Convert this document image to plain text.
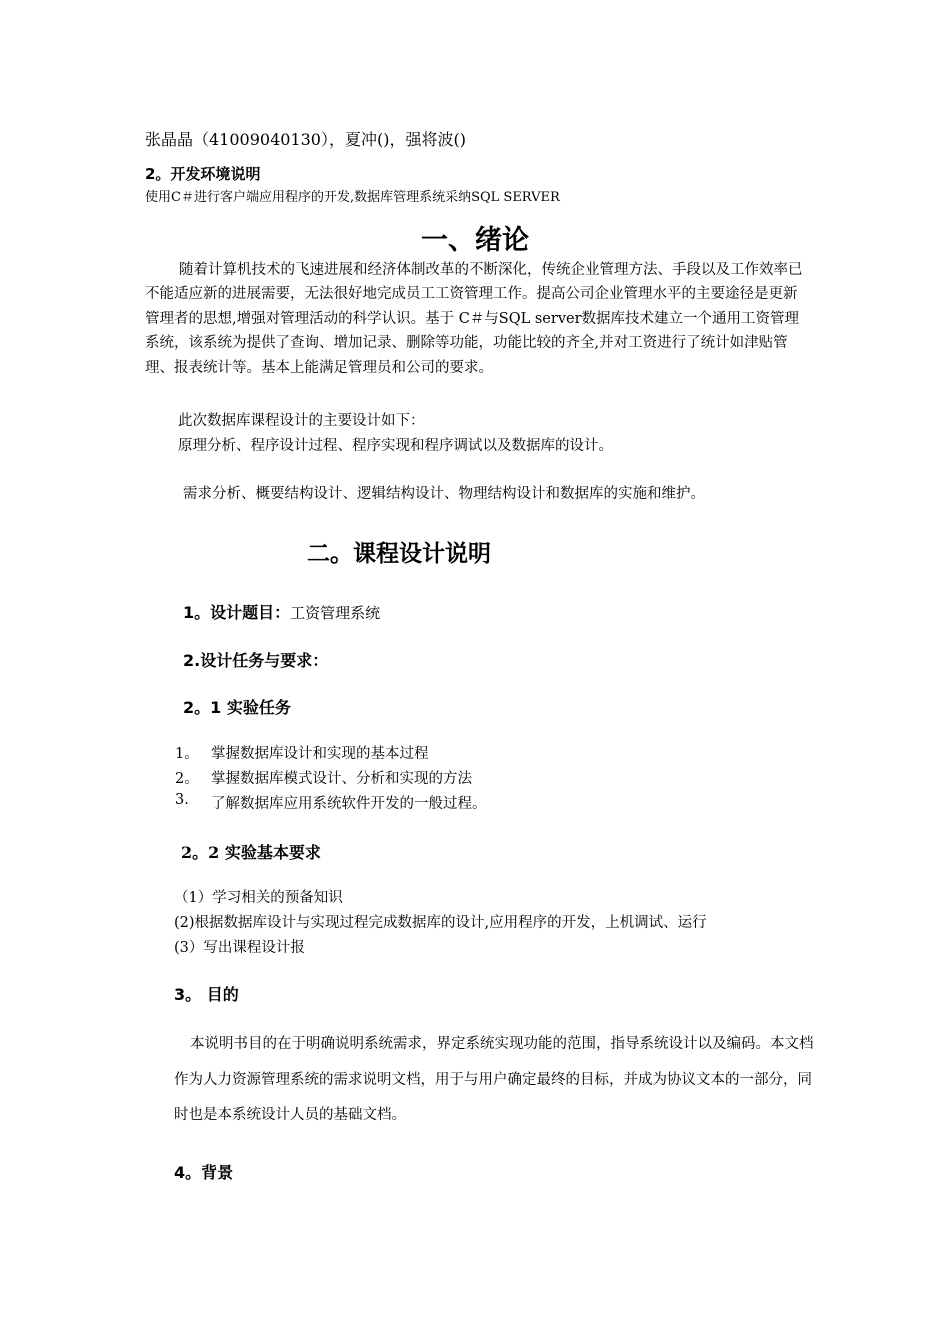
张晶晶（41009040130），夏冲()，强将波()
2。开发环境说明
使用C＃进行客户端应用程序的开发,数据库管理系统采纳SQL SERVER
一、绪论

随着计算机技术的飞速进展和经济体制改革的不断深化，传统企业管理方法、手段以及工作效率已不能适应新的进展需要，无法很好地完成员工工资管理工作。提高公司企业管理水平的主要途径是更新管理者的思想,增强对管理活动的科学认识。基于 C＃与SQL server数据库技术建立一个通用工资管理系统，该系统为提供了查询、增加记录、删除等功能，功能比较的齐全,并对工资进行了统计如津贴管理、报表统计等。基本上能满足管理员和公司的要求。

此次数据库课程设计的主要设计如下：
原理分析、程序设计过程、程序实现和程序调试以及数据库的设计。
需求分析、概要结构设计、逻辑结构设计、物理结构设计和数据库的实施和维护。
二。课程设计说明
1。设计题目：工资管理系统
2.设计任务与要求：
2。1 实验任务
1。 掌握数据库设计和实现的基本过程
2。 掌握数据库模式设计、分析和实现的方法
3. 了解数据库应用系统软件开发的一般过程。
2。2 实验基本要求
（1）学习相关的预备知识
(2)根据数据库设计与实现过程完成数据库的设计,应用程序的开发，上机调试、运行
(3）写出课程设计报
3。 目的

本说明书目的在于明确说明系统需求，界定系统实现功能的范围，指导系统设计以及编码。本文档作为人力资源管理系统的需求说明文档，用于与用户确定最终的目标，并成为协议文本的一部分，同时也是本系统设计人员的基础文档。

4。背景
